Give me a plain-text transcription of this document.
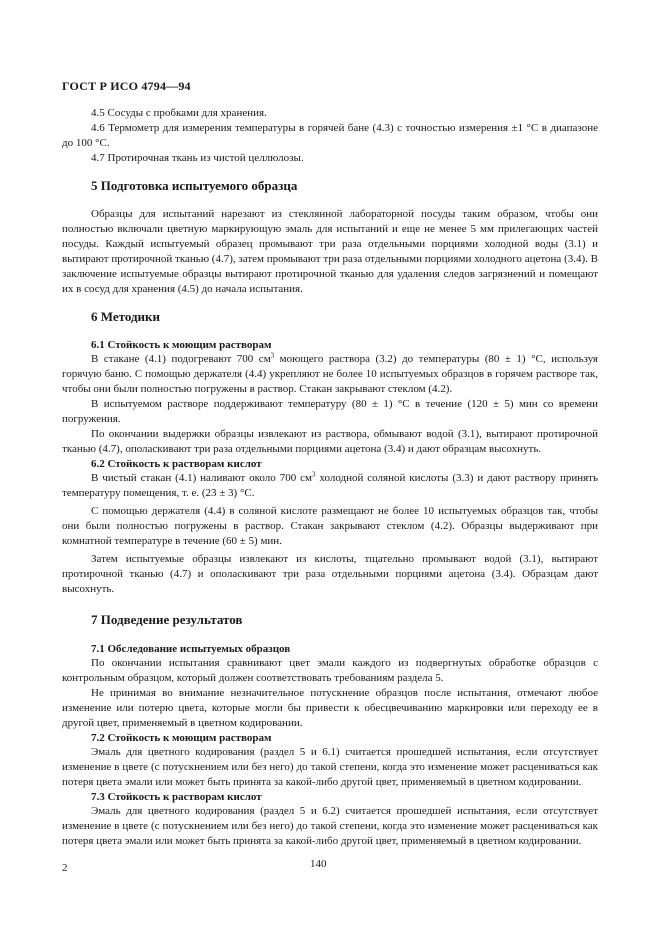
ГОСТ Р ИСО 4794—94

4.5 Сосуды с пробками для хранения.

4.6 Термометр для измерения температуры в горячей бане (4.3) с точностью измерения ±1 °С в диапазоне до 100 °С.

4.7 Протирочная ткань из чистой целлюлозы.

5 Подготовка испытуемого образца

Образцы для испытаний нарезают из стеклянной лабораторной посуды таким образом, чтобы они полностью включали цветную маркирующую эмаль для испытаний и еще не менее 5 мм прилегающих частей посуды. Каждый испытуемый образец промывают три раза отдельными порциями холодной воды (3.1) и вытирают протирочной тканью (4.7), затем промывают три раза отдельными порциями холодного ацетона (3.4). В заключение испытуемые образцы вытирают протирочной тканью для удаления следов загрязнений и помещают их в сосуд для хранения (4.5) до начала испытания.

6 Методики
6.1 Стойкость к моющим растворам

В стакане (4.1) подогревают 700 $см^3$ моющего раствора (3.2) до температуры (80 ± 1) °С, используя горячую баню. С помощью держателя (4.4) укрепляют не более 10 испытуемых образцов в горячем растворе так, чтобы они были полностью погружены в раствор. Стакан закрывают стеклом (4.2).

В испытуемом растворе поддерживают температуру (80 ± 1) °С в течение (120 ± 5) мин со времени погружения.

По окончании выдержки образцы извлекают из раствора, обмывают водой (3.1), вытирают протирочной тканью (4.7), ополаскивают три раза отдельными порциями ацетона (3.4) и дают образцам высохнуть.

6.2 Стойкость к растворам кислот

В чистый стакан (4.1) наливают около 700 $см^3$ холодной соляной кислоты (3.3) и дают раствору принять температуру помещения, т. е. (23 ± 3) °С.

С помощью держателя (4.4) в соляной кислоте размещают не более 10 испытуемых образцов так, чтобы они были полностью погружены в раствор. Стакан закрывают стеклом (4.2). Образцы выдерживают при комнатной температуре в течение (60 ± 5) мин.

Затем испытуемые образцы извлекают из кислоты, тщательно промывают водой (3.1), вытирают протирочной тканью (4.7) и ополаскивают три раза отдельными порциями ацетона (3.4). Образцам дают высохнуть.

7 Подведение результатов
7.1 Обследование испытуемых образцов

По окончании испытания сравнивают цвет эмали каждого из подвергнутых обработке образцов с контрольным образцом, который должен соответствовать требованиям раздела 5.

Не принимая во внимание незначительное потускнение образцов после испытания, отмечают любое изменение или потерю цвета, которые могли бы привести к обесцвечиванию маркировки или переходу ее в другой цвет, применяемый в цветном кодировании.

7.2 Стойкость к моющим растворам

Эмаль для цветного кодирования (раздел 5 и 6.1) считается прошедшей испытания, если отсутствует изменение в цвете (с потускнением или без него) до такой степени, когда это изменение может расцениваться как потеря цвета эмали или может быть принята за какой-либо другой цвет, применяемый в цветном кодировании.

7.3 Стойкость к растворам кислот

Эмаль для цветного кодирования (раздел 5 и 6.2) считается прошедшей испытания, если отсутствует изменение в цвете (с потускнением или без него) до такой степени, когда это изменение может расцениваться как потеря цвета эмали или может быть принята за какой-либо другой цвет, применяемый в цветном кодировании.

2	140
